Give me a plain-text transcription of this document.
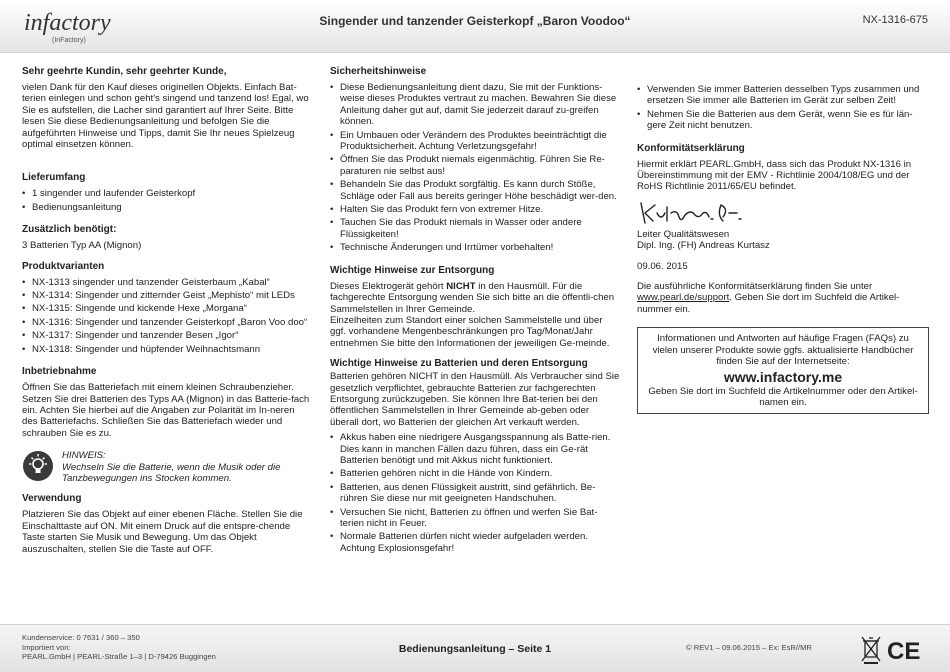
infactory
(InFactory)
Singender und tanzender Geisterkopf „Baron Voodoo“	NX-1316-675
Sehr geehrte Kundin, sehr geehrter Kunde,

vielen Dank für den Kauf dieses originellen Objekts. Einfach Bat-terien einlegen und schon geht's singend und tanzend los! Egal, wo Sie es aufstellen, die Lacher sind garantiert auf Ihrer Seite. Bitte lesen Sie diese Bedienungsanleitung und befolgen Sie die aufgeführten Hinweise und Tipps, damit Sie Ihr neues Spielzeug optimal einsetzen können.

Lieferumfang
• 1 singender und laufender Geisterkopf
• Bedienungsanleitung
Zusätzlich benötigt:

3 Batterien Typ AA (Mignon)

Produktvarianten
• NX-1313 singender und tanzender Geisterbaum „Kabal“
• NX-1314: Singender und zitternder Geist „Mephisto“ mit LEDs
• NX-1315: Singende und kickende Hexe „Morgana“
• NX-1316: Singender und tanzender Geisterkopf „Baron Voo doo“
• NX-1317: Singender und tanzender Besen „Igor“
• NX-1318: Singender und hüpfender Weihnachtsmann
Inbetriebnahme

Öffnen Sie das Batteriefach mit einem kleinen Schraubenzieher. Setzen Sie drei Batterien des Typs AA (Mignon) in das Batterie-fach ein. Achten Sie hierbei auf die Angaben zur Polarität im In-neren des Batteriefachs. Schließen Sie das Batteriefach wieder und schrauben Sie es zu.

HINWEIS:
Wechseln Sie die Batterie, wenn die Musik oder die Tanzbewegungen ins Stocken kommen.
Verwendung

Platzieren Sie das Objekt auf einer ebenen Fläche. Stellen Sie die Einschalttaste auf ON. Mit einem Druck auf die entspre-chende Taste starten Sie Musik und Bewegung. Um das Objekt auszuschalten, stellen Sie die Taste auf OFF.

Sicherheitshinweise
• Diese Bedienungsanleitung dient dazu, Sie mit der Funktions-weise dieses Produktes vertraut zu machen. Bewahren Sie diese Anleitung daher gut auf, damit Sie jederzeit darauf zu-greifen können.
• Ein Umbauen oder Verändern des Produktes beeinträchtigt die Produktsicherheit. Achtung Verletzungsgefahr!
• Öffnen Sie das Produkt niemals eigenmächtig. Führen Sie Re-paraturen nie selbst aus!
• Behandeln Sie das Produkt sorgfältig. Es kann durch Stöße, Schläge oder Fall aus bereits geringer Höhe beschädigt wer-den.
• Halten Sie das Produkt fern von extremer Hitze.
• Tauchen Sie das Produkt niemals in Wasser oder andere Flüssigkeiten!
• Technische Änderungen und Irrtümer vorbehalten!
Wichtige Hinweise zur Entsorgung

Dieses Elektrogerät gehört NICHT in den Hausmüll. Für die fachgerechte Entsorgung wenden Sie sich bitte an die öffentli-chen Sammelstellen in Ihrer Gemeinde.

Einzelheiten zum Standort einer solchen Sammelstelle und über ggf. vorhandene Mengenbeschränkungen pro Tag/Monat/Jahr entnehmen Sie bitte den Informationen der jeweiligen Ge-meinde.

Wichtige Hinweise zu Batterien und deren Entsorgung

Batterien gehören NICHT in den Hausmüll. Als Verbraucher sind Sie gesetzlich verpflichtet, gebrauchte Batterien zur fachgerechten Entsorgung zurückzugeben. Sie können Ihre Bat-terien bei den öffentlichen Sammelstellen in Ihrer Gemeinde ab-geben oder überall dort, wo Batterien der gleichen Art verkauft werden.

• Akkus haben eine niedrigere Ausgangsspannung als Batte-rien. Dies kann in manchen Fällen dazu führen, dass ein Ge-rät Batterien benötigt und mit Akkus nicht funktioniert.
• Batterien gehören nicht in die Hände von Kindern.
• Batterien, aus denen Flüssigkeit austritt, sind gefährlich. Be-rühren Sie diese nur mit geeigneten Handschuhen.
• Versuchen Sie nicht, Batterien zu öffnen und werfen Sie Bat-terien nicht in Feuer.
• Normale Batterien dürfen nicht wieder aufgeladen werden. Achtung Explosionsgefahr!
• Verwenden Sie immer Batterien desselben Typs zusammen und ersetzen Sie immer alle Batterien im Gerät zur selben Zeit!
• Nehmen Sie die Batterien aus dem Gerät, wenn Sie es für län-gere Zeit nicht benutzen.
Konformitätserklärung

Hiermit erklärt PEARL.GmbH, dass sich das Produkt NX-1316 in Übereinstimmung mit der EMV - Richtlinie 2004/108/EG und der RoHS Richtlinie 2011/65/EU befindet.

Leiter Qualitätswesen

Dipl. Ing. (FH) Andreas Kurtasz

09.06. 2015

Die ausführliche Konformitätserklärung finden Sie unter www.pearl.de/support. Geben Sie dort im Suchfeld die Artikel-nummer ein.

Informationen und Antworten auf häufige Fragen (FAQs) zu vielen unserer Produkte sowie ggfs. aktualisierte Handbücher finden Sie auf der Internetseite:

www.infactory.me

Geben Sie dort im Suchfeld die Artikelnummer oder den Artikel-namen ein.

Kundenservice: 0 7631 / 360 – 350
Importiert von:
PEARL.GmbH | PEARL-Straße 1–3 | D-79426 Buggingen
Bedienungsanleitung – Seite 1	© REV1 – 09.06.2015 – Ex: EsR//MR	CE
